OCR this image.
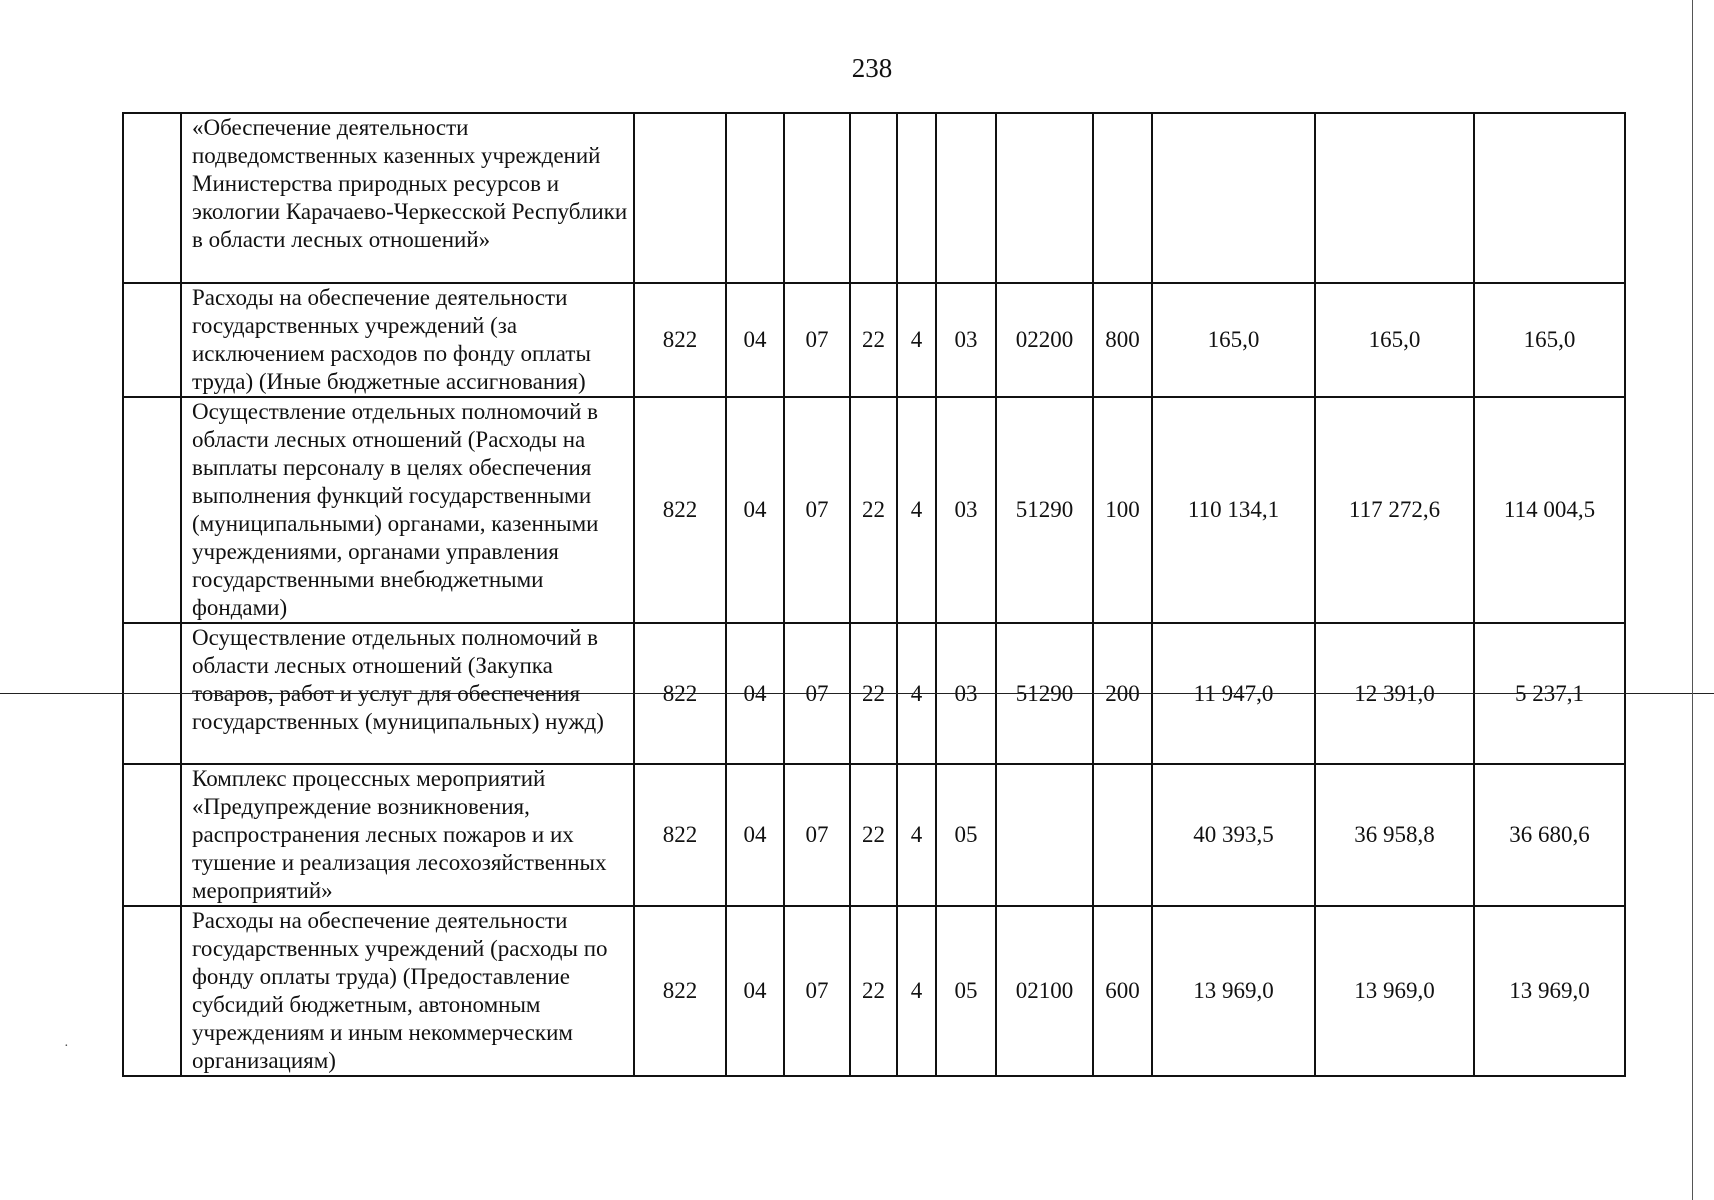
238
	«Обеспечение деятельности подведомственных казенных учреждений Министерства природных ресурсов и экологии Карачаево-Черкесской Республики в области лесных отношений»											
	Расходы на обеспечение деятельности государственных учреждений (за исключением расходов по фонду оплаты труда) (Иные бюджетные ассигнования)	822	04	07	22	4	03	02200	800	165,0	165,0	165,0
	Осуществление отдельных полномочий в области лесных отношений (Расходы на выплаты персоналу в целях обеспечения выполнения функций государственными (муниципальными) органами, казенными учреждениями, органами управления государственными внебюджетными фондами)	822	04	07	22	4	03	51290	100	110 134,1	117 272,6	114 004,5
	Осуществление отдельных полномочий в области лесных отношений (Закупка товаров, работ и услуг для обеспечения государственных (муниципальных) нужд)	822	04	07	22	4	03	51290	200	11 947,0	12 391,0	5 237,1
	Комплекс процессных мероприятий «Предупреждение возникновения, распространения лесных пожаров и их тушение и реализация лесохозяйственных мероприятий»	822	04	07	22	4	05			40 393,5	36 958,8	36 680,6
	Расходы на обеспечение деятельности государственных учреждений (расходы по фонду оплаты труда) (Предоставление субсидий бюджетным, автономным учреждениям и иным некоммерческим организациям)	822	04	07	22	4	05	02100	600	13 969,0	13 969,0	13 969,0
·
